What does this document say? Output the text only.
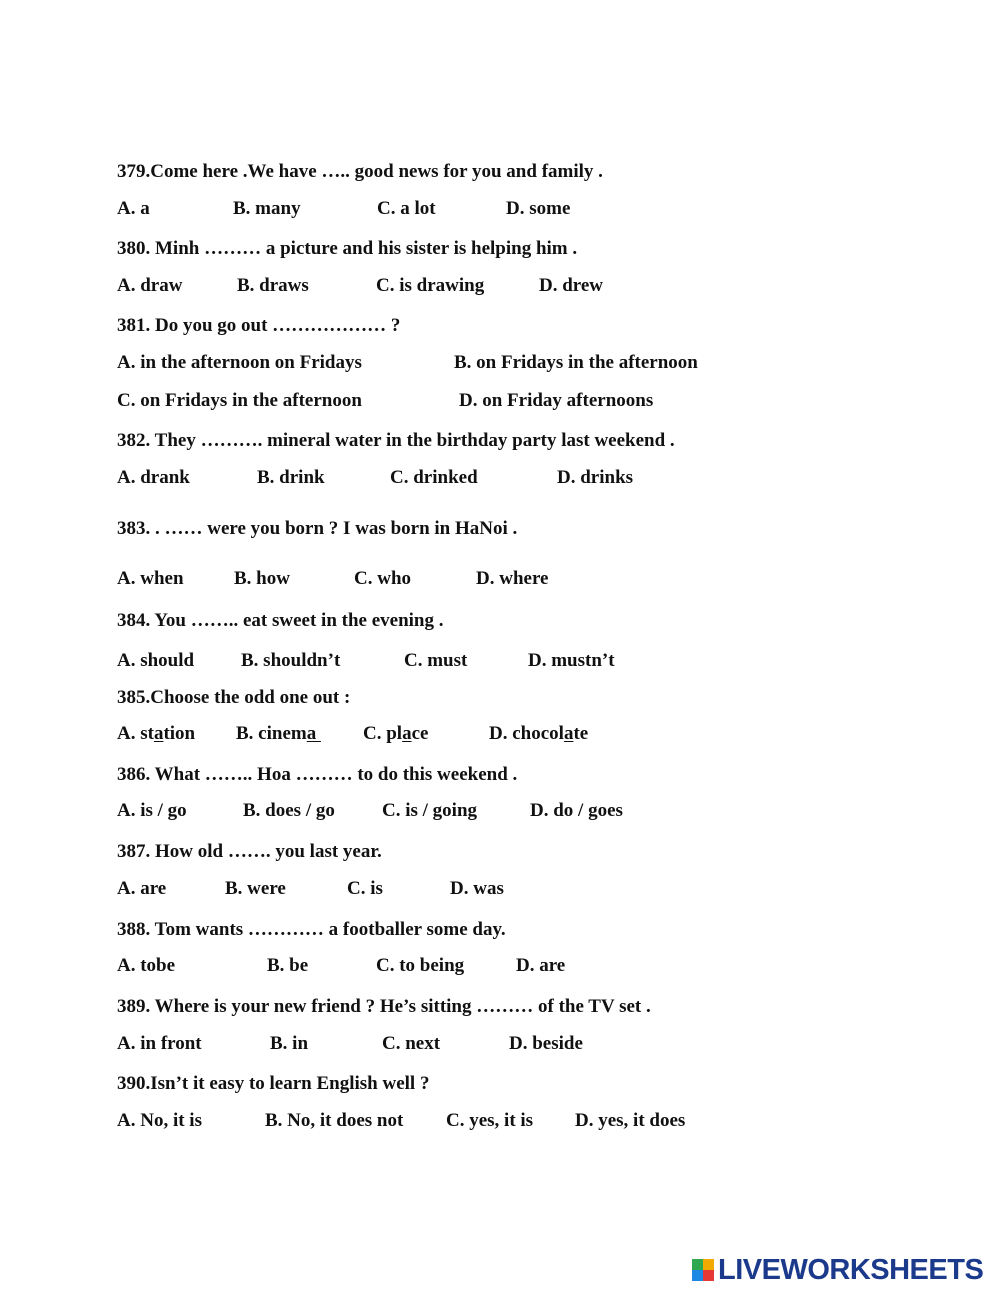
379.Come here .We have ….. good news for you and family .
A. a	B. many	C. a lot	D. some
380. Minh ……… a picture and his sister is helping him .
A. draw	B. draws	C. is drawing	D. drew
381. Do you go out ……………… ?
A. in the afternoon on Fridays	B. on Fridays in the afternoon
C. on Fridays in the afternoon	D. on Friday afternoons
382. They ………. mineral water in the birthday party last weekend .
A. drank	B. drink	C. drinked	D. drinks
383. . …… were you born ? I was born in HaNoi .
A. when	B. how	C. who	D. where
384. You …….. eat sweet in the evening .
A. should B. shouldn’t	C. must	D. mustn’t
385.Choose the odd one out :
A. station B. cinema C. place	D. chocolate
386. What …….. Hoa ……… to do this weekend .
A. is / go	B. does / go C. is / going	D. do / goes
387. How old ……. you last year.
A. are	B. were	C. is	D. was
388. Tom wants ………… a footballer some day.
A. tobe	B. be	C. to being	D. are
389. Where is your new friend ? He’s sitting ……… of the TV set .
A. in front	B. in	C. next	D. beside
390.Isn’t it easy to learn English well ?
A. No, it is	B. No, it does not C. yes, it is D. yes, it does
LIVEWORKSHEETS
